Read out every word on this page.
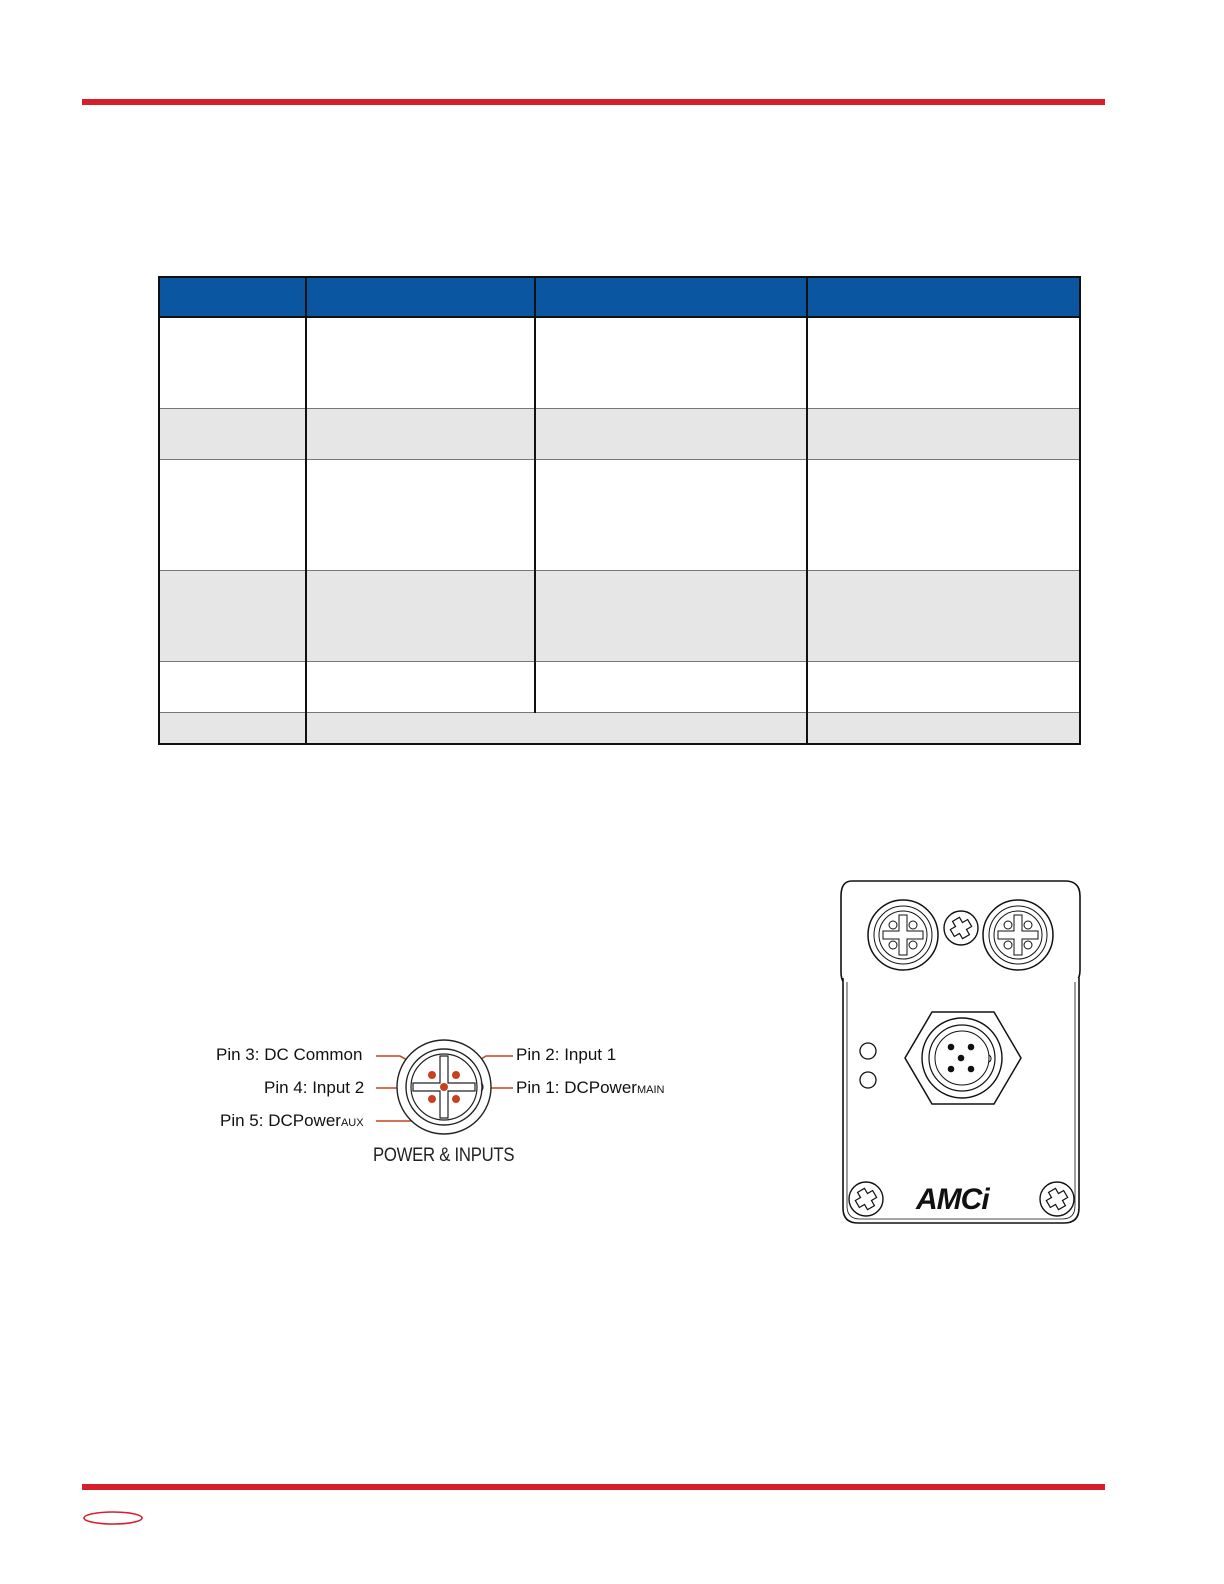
Pin 3: DC Common
Pin 4: Input 2
Pin 5: DCPowerAUX
Pin 2: Input 1
Pin 1: DCPowerMAIN
POWER & INPUTS
AMCi
